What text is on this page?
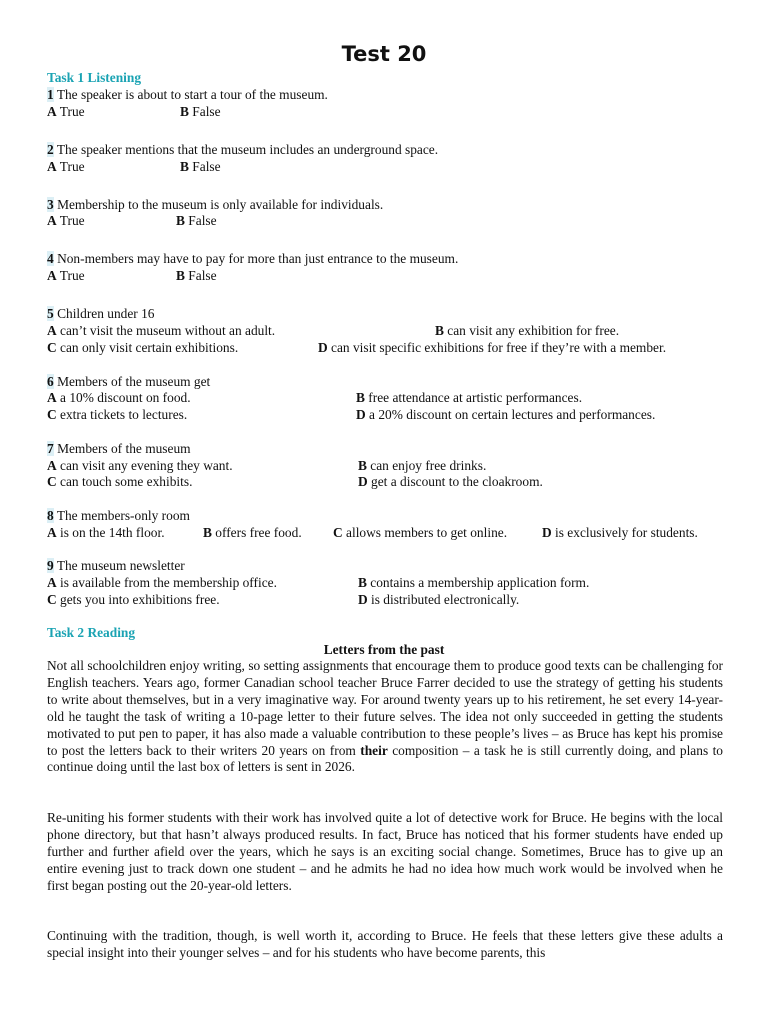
Test 20
Task 1 Listening
1 The speaker is about to start a tour of the museum.
A True	B False
2 The speaker mentions that the museum includes an underground space.
A True	B False
3 Membership to the museum is only available for individuals.
A True	B False
4 Non-members may have to pay for more than just entrance to the museum.
A True	B False
5 Children under 16
A can’t visit the museum without an adult.	B can visit any exhibition for free.
C can only visit certain exhibitions.	D can visit specific exhibitions for free if they’re with a member.
6 Members of the museum get
A a 10% discount on food.	B free attendance at artistic performances.
C extra tickets to lectures.	D a 20% discount on certain lectures and performances.
7 Members of the museum
A can visit any evening they want.	B can enjoy free drinks.
C can touch some exhibits.	D get a discount to the cloakroom.
8 The members-only room
A is on the 14th floor.	B offers free food. C allows members to get online.	D is exclusively for students.
9 The museum newsletter
A is available from the membership office.	B contains a membership application form.
C gets you into exhibitions free.	D is distributed electronically.
Task 2 Reading
Letters from the past
Not all schoolchildren enjoy writing, so setting assignments that encourage them to produce good texts can be challenging for English teachers. Years ago, former Canadian school teacher Bruce Farrer decided to use the strategy of getting his students to write about themselves, but in a very imaginative way. For around twenty years up to his retirement, he set every 14-year-old he taught the task of writing a 10-page letter to their future selves. The idea not only succeeded in getting the students motivated to put pen to paper, it has also made a valuable contribution to these people’s lives – as Bruce has kept his promise to post the letters back to their writers 20 years on from their composition – a task he is still currently doing, and plans to continue doing until the last box of letters is sent in 2026.
Re-uniting his former students with their work has involved quite a lot of detective work for Bruce. He begins with the local phone directory, but that hasn’t always produced results. In fact, Bruce has noticed that his former students have ended up further and further afield over the years, which he says is an exciting social change. Sometimes, Bruce has to give up an entire evening just to track down one student – and he admits he had no idea how much work would be involved when he first began posting out the 20-year-old letters.
Continuing with the tradition, though, is well worth it, according to Bruce. He feels that these letters give these adults a special insight into their younger selves – and for his students who have become parents, this
